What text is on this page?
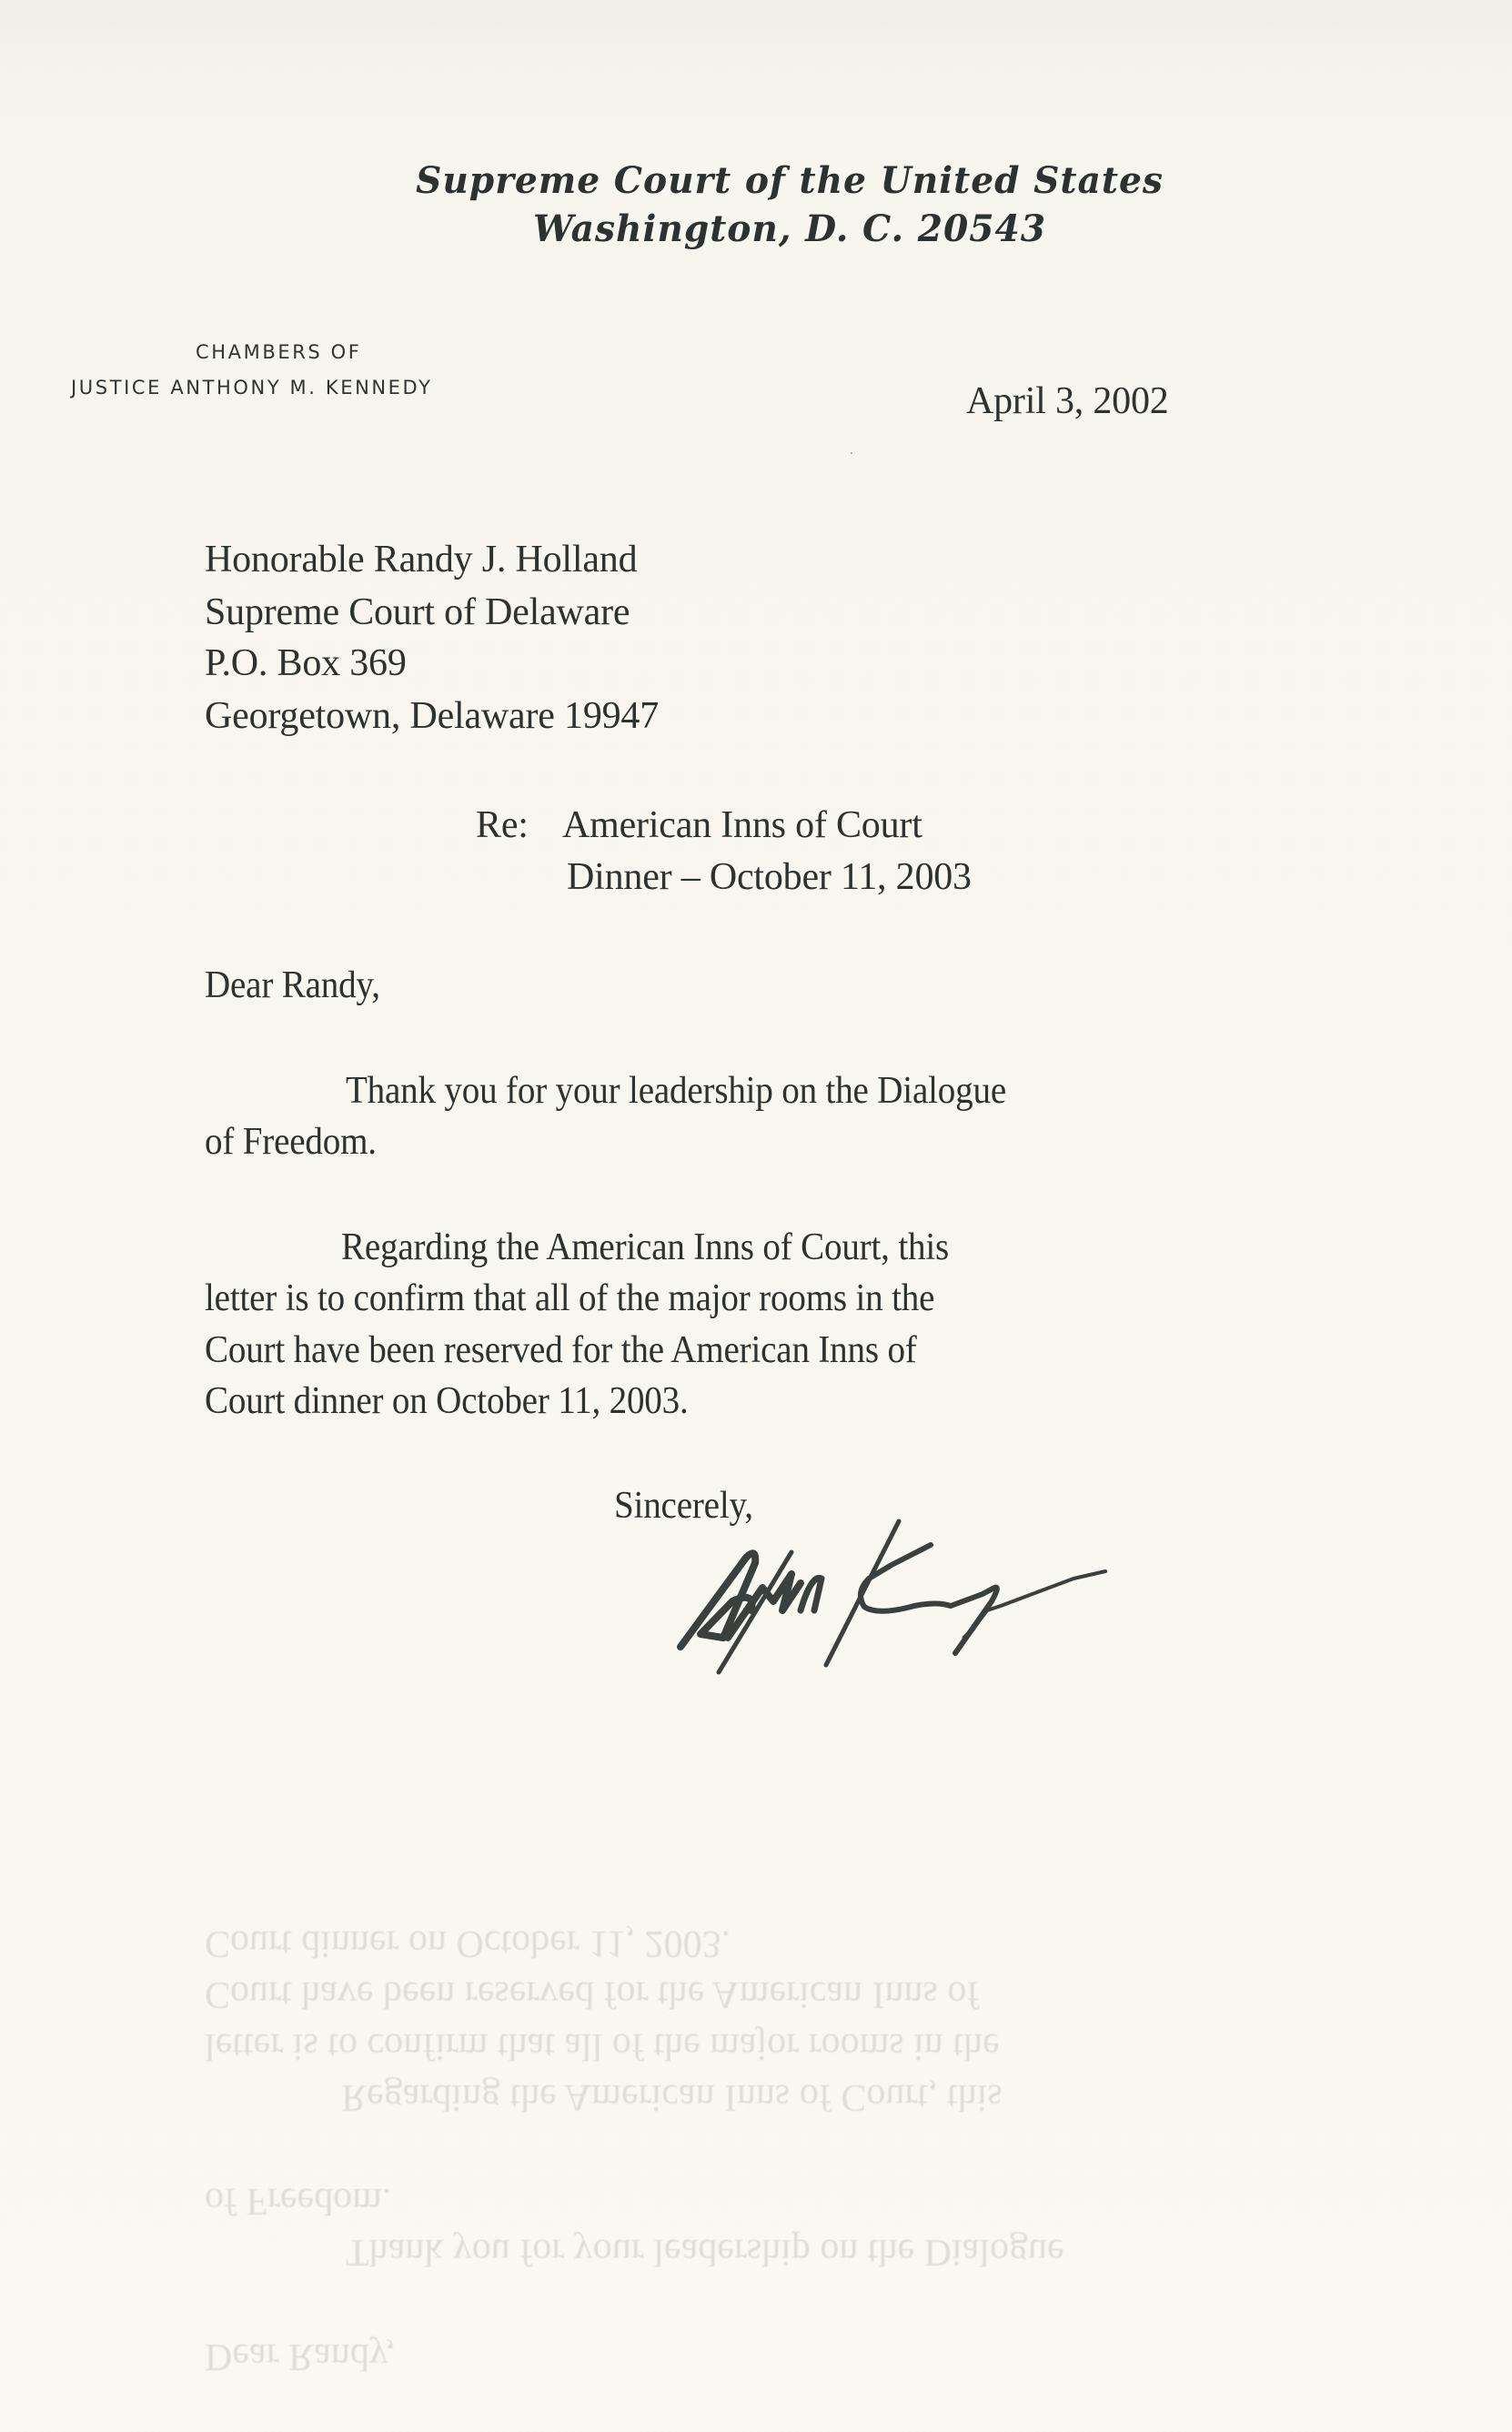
Court dinner on October 11, 2003.
Court have been reserved for the American Inns of
letter is to confirm that all of the major rooms in the
Regarding the American Inns of Court, this
of Freedom.
Thank you for your leadership on the Dialogue
Dear Randy,
Supreme Court of the United States
Washington, D. C. 20543
CHAMBERS OF
JUSTICE ANTHONY M. KENNEDY	April 3, 2002
Honorable Randy J. Holland
Supreme Court of Delaware
P.O. Box 369
Georgetown, Delaware 19947
Re: American Inns of Court
Dinner – October 11, 2003
Dear Randy,
Thank you for your leadership on the Dialogue
of Freedom.
Regarding the American Inns of Court, this
letter is to confirm that all of the major rooms in the
Court have been reserved for the American Inns of
Court dinner on October 11, 2003.
Sincerely,
